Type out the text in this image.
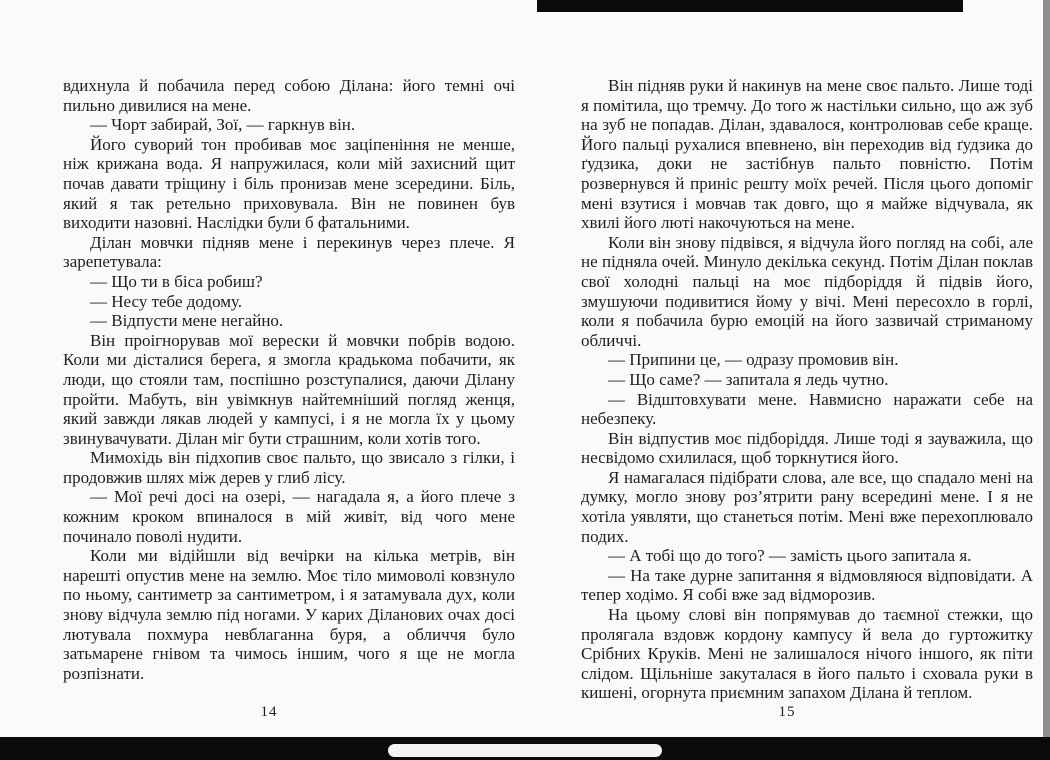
вдихнула й побачила перед собою Ділана: його темні очі пильно дивилися на мене.

— Чорт забирай, Зої, — гаркнув він.

Його суворий тон пробивав моє заціпеніння не менше, ніж крижана вода. Я напружилася, коли мій захисний щит почав давати тріщину і біль пронизав мене зсередини. Біль, який я так ретельно приховувала. Він не повинен був виходити назовні. Наслідки були б фатальними.

Ділан мовчки підняв мене і перекинув через плече. Я зарепетувала:

— Що ти в біса робиш?

— Несу тебе додому.

— Відпусти мене негайно.

Він проігнорував мої верески й мовчки побрів водою. Коли ми дісталися берега, я змогла крадькома побачити, як люди, що стояли там, поспішно розступалися, даючи Ділану пройти. Мабуть, він увімкнув найтемніший погляд женця, який завжди лякав людей у кампусі, і я не могла їх у цьому звинувачувати. Ділан міг бути страшним, коли хотів того.

Мимохідь він підхопив своє пальто, що звисало з гілки, і продовжив шлях між дерев у глиб лісу.

— Мої речі досі на озері, — нагадала я, а його плече з кожним кроком впиналося в мій живіт, від чого мене починало поволі нудити.

Коли ми відійшли від вечірки на кілька метрів, він нарешті опустив мене на землю. Моє тіло мимоволі ковзнуло по ньому, сантиметр за сантиметром, і я затамувала дух, коли знову відчула землю під ногами. У карих Діланових очах досі лютувала похмура невблаганна буря, а обличчя було затьмарене гнівом та чимось іншим, чого я ще не могла розпізнати.

Він підняв руки й накинув на мене своє пальто. Лише тоді я помітила, що тремчу. До того ж настільки сильно, що аж зуб на зуб не попадав. Ділан, здавалося, контролював себе краще. Його пальці рухалися впевнено, він переходив від ґудзика до ґудзика, доки не застібнув пальто повністю. Потім розвернувся й приніс решту моїх речей. Після цього допоміг мені взутися і мовчав так довго, що я майже відчувала, як хвилі його люті накочуються на мене.

Коли він знову підвівся, я відчула його погляд на собі, але не підняла очей. Минуло декілька секунд. Потім Ділан поклав свої холодні пальці на моє підборіддя й підвів його, змушуючи подивитися йому у вічі. Мені пересохло в горлі, коли я побачила бурю емоцій на його зазвичай стриманому обличчі.

— Припини це, — одразу промовив він.

— Що саме? — запитала я ледь чутно.

— Відштовхувати мене. Навмисно наражати себе на небезпеку.

Він відпустив моє підборіддя. Лише тоді я зауважила, що несвідомо схилилася, щоб торкнутися його.

Я намагалася підібрати слова, але все, що спадало мені на думку, могло знову роз’ятрити рану всередині мене. І я не хотіла уявляти, що станеться потім. Мені вже перехоплювало подих.

— А тобі що до того? — замість цього запитала я.

— На таке дурне запитання я відмовляюся відповідати. А тепер ходімо. Я собі вже зад відморозив.

На цьому слові він попрямував до таємної стежки, що пролягала вздовж кордону кампусу й вела до гуртожитку Срібних Круків. Мені не залишалося нічого іншого, як піти слідом. Щільніше закуталася в його пальто і сховала руки в кишені, огорнута приємним запахом Ділана й теплом.

14	15
